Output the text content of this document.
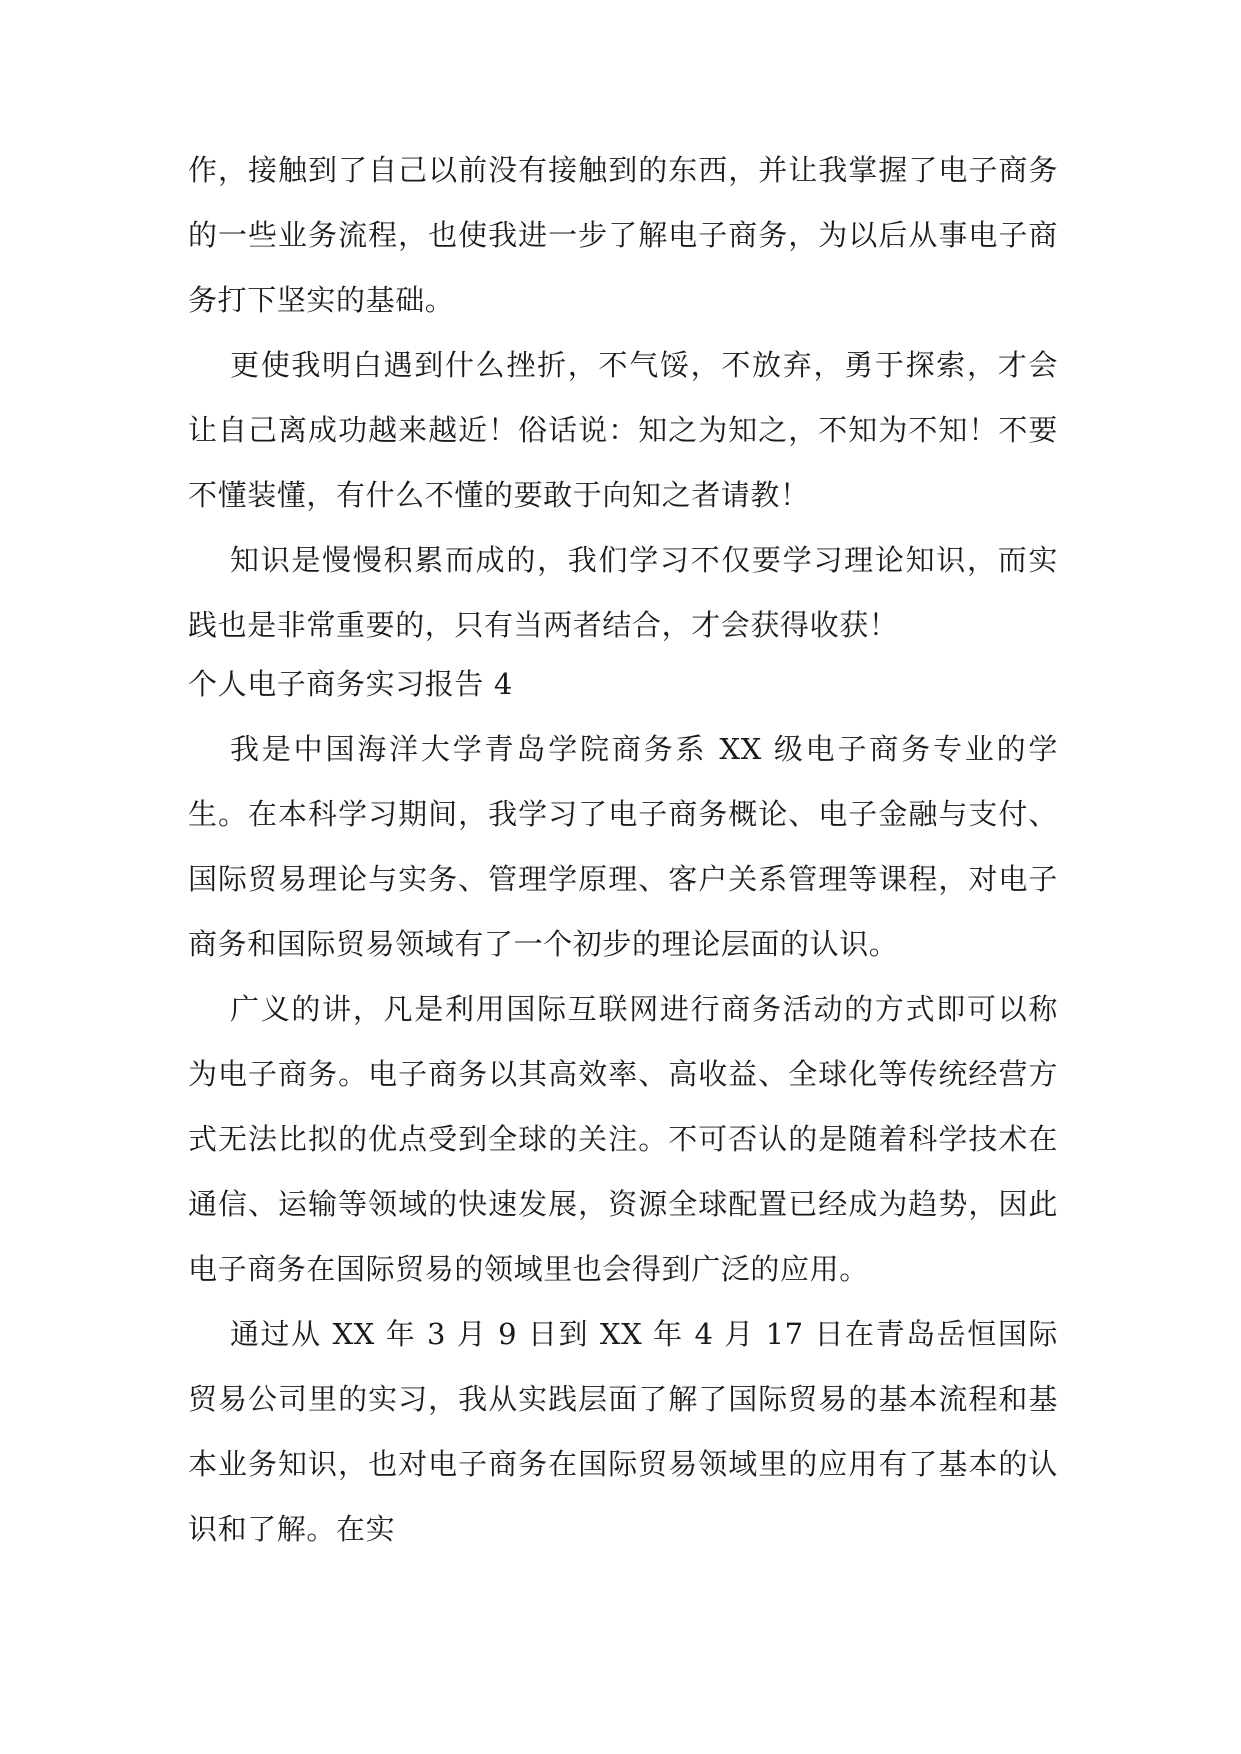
作，接触到了自己以前没有接触到的东西，并让我掌握了电子商务的一些业务流程，也使我进一步了解电子商务，为以后从事电子商务打下坚实的基础。

更使我明白遇到什么挫折，不气馁，不放弃，勇于探索，才会让自己离成功越来越近！俗话说：知之为知之，不知为不知！不要不懂装懂，有什么不懂的要敢于向知之者请教！

知识是慢慢积累而成的，我们学习不仅要学习理论知识，而实践也是非常重要的，只有当两者结合，才会获得收获！

个人电子商务实习报告 4

我是中国海洋大学青岛学院商务系 XX 级电子商务专业的学生。在本科学习期间，我学习了电子商务概论、电子金融与支付、国际贸易理论与实务、管理学原理、客户关系管理等课程，对电子商务和国际贸易领域有了一个初步的理论层面的认识。

广义的讲，凡是利用国际互联网进行商务活动的方式即可以称为电子商务。电子商务以其高效率、高收益、全球化等传统经营方式无法比拟的优点受到全球的关注。不可否认的是随着科学技术在通信、运输等领域的快速发展，资源全球配置已经成为趋势，因此电子商务在国际贸易的领域里也会得到广泛的应用。

通过从 XX 年 3 月 9 日到 XX 年 4 月 17 日在青岛岳恒国际贸易公司里的实习，我从实践层面了解了国际贸易的基本流程和基本业务知识，也对电子商务在国际贸易领域里的应用有了基本的认识和了解。在实
